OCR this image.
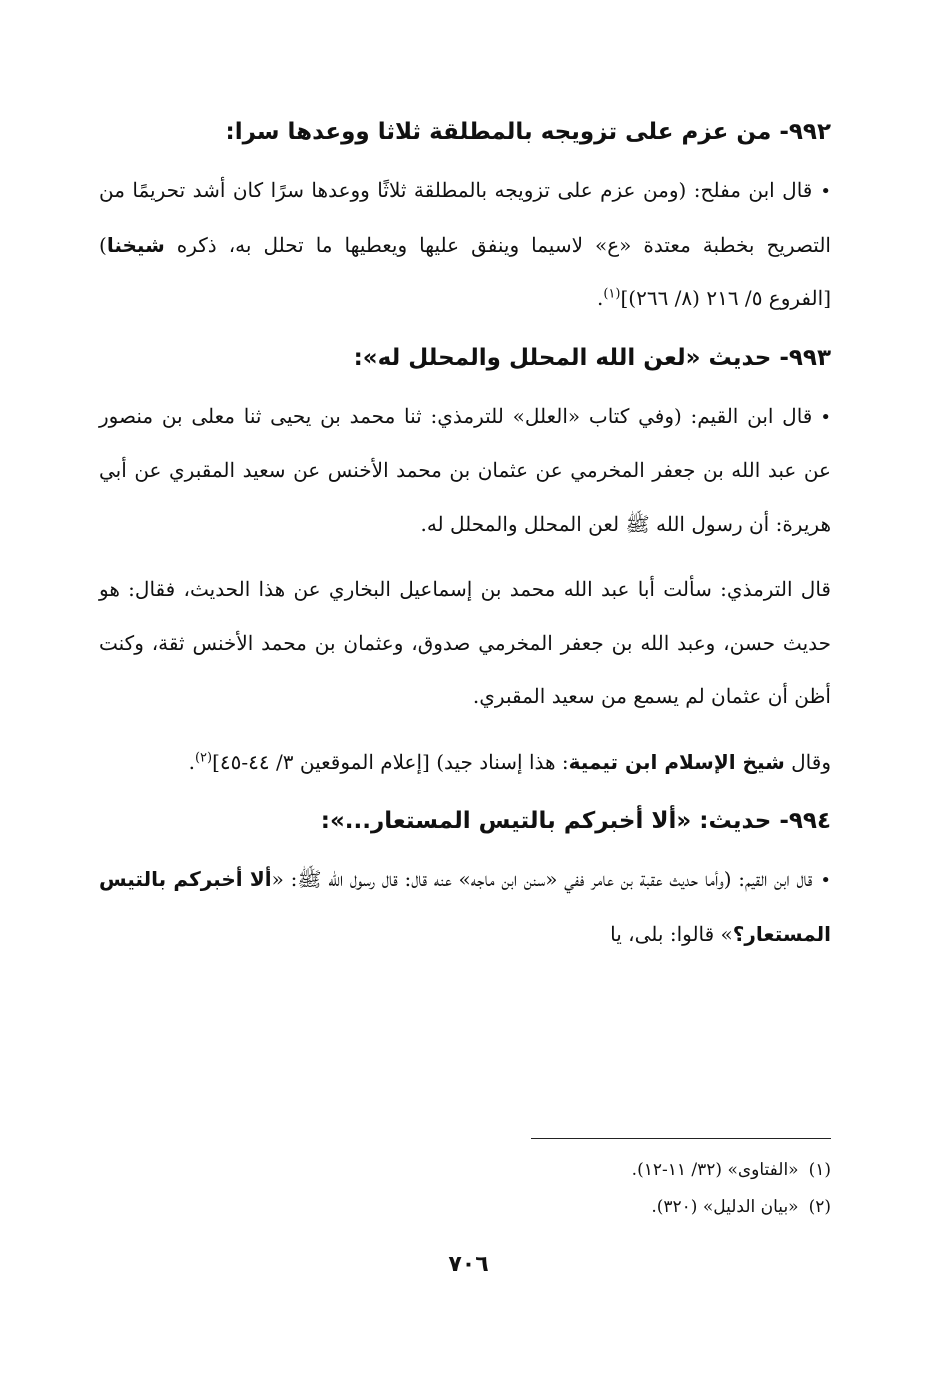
٩٩٢- من عزم على تزويجه بالمطلقة ثلاثا ووعدها سرا:

•قال ابن مفلح: (ومن عزم على تزويجه بالمطلقة ثلاثًا ووعدها سرًا كان أشد تحريمًا من التصريح بخطبة معتدة «ع» لاسيما وينفق عليها ويعطيها ما تحلل به، ذكره شيخنا) [الفروع ٥/ ٢١٦ (٨/ ٢٦٦)]$^{(١)}$.

٩٩٣- حديث «لعن الله المحلل والمحلل له»:

•قال ابن القيم: (وفي كتاب «العلل» للترمذي: ثنا محمد بن يحيى ثنا معلى بن منصور عن عبد الله بن جعفر المخرمي عن عثمان بن محمد الأخنس عن سعيد المقبري عن أبي هريرة: أن رسول الله ﷺ لعن المحلل والمحلل له.

قال الترمذي: سألت أبا عبد الله محمد بن إسماعيل البخاري عن هذا الحديث، فقال: هو حديث حسن، وعبد الله بن جعفر المخرمي صدوق، وعثمان بن محمد الأخنس ثقة، وكنت أظن أن عثمان لم يسمع من سعيد المقبري.

وقال شيخ الإسلام ابن تيمية: هذا إسناد جيد) [إعلام الموقعين ٣/ ٤٤-٤٥]$^{(٢)}$.

٩٩٤- حديث: «ألا أخبركم بالتيس المستعار...»:

•قال ابن القيم: (وأما حديث عقبة بن عامر ففي «سنن ابن ماجه» عنه قال: قال رسول الله ﷺ: «ألا أخبركم بالتيس المستعار؟» قالوا: بلى، يا

(١)«الفتاوى» (٣٢/ ١١-١٢).

(٢)«بيان الدليل» (٣٢٠).

٧٠٦
